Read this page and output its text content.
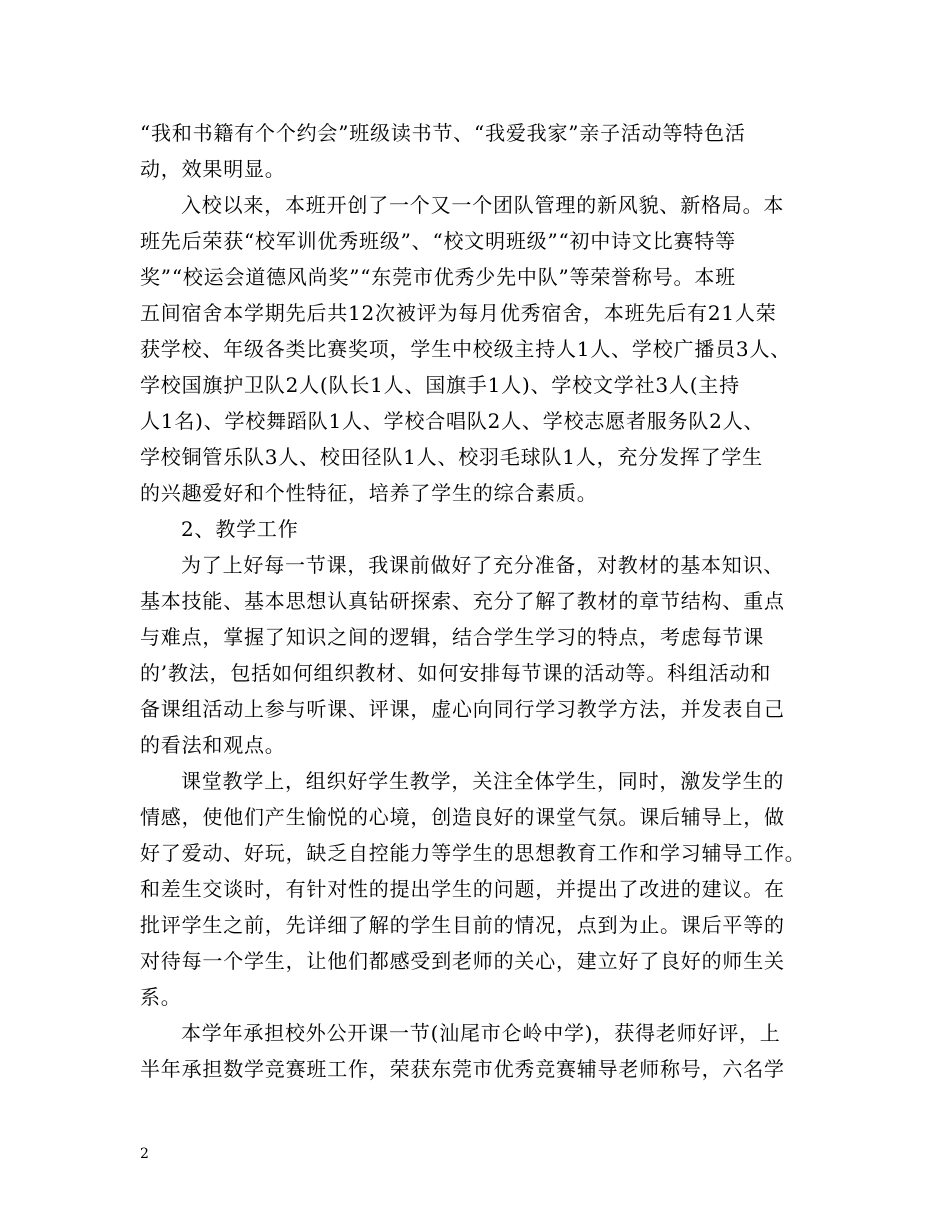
“我和书籍有个个约会”班级读书节、“我爱我家”亲子活动等特色活
动，效果明显。
入校以来，本班开创了一个又一个团队管理的新风貌、新格局。本
班先后荣获“校军训优秀班级”、“校文明班级”“初中诗文比赛特等
奖”“校运会道德风尚奖”“东莞市优秀少先中队”等荣誉称号。本班
五间宿舍本学期先后共12次被评为每月优秀宿舍，本班先后有21人荣
获学校、年级各类比赛奖项，学生中校级主持人1人、学校广播员3人、
学校国旗护卫队2人(队长1人、国旗手1人)、学校文学社3人(主持
人1名)、学校舞蹈队1人、学校合唱队2人、学校志愿者服务队2人、
学校铜管乐队3人、校田径队1人、校羽毛球队1人，充分发挥了学生
的兴趣爱好和个性特征，培养了学生的综合素质。
2、教学工作
为了上好每一节课，我课前做好了充分准备，对教材的基本知识、
基本技能、基本思想认真钻研探索、充分了解了教材的章节结构、重点
与难点，掌握了知识之间的逻辑，结合学生学习的特点，考虑每节课
的’教法，包括如何组织教材、如何安排每节课的活动等。科组活动和
备课组活动上参与听课、评课，虚心向同行学习教学方法，并发表自己
的看法和观点。
课堂教学上，组织好学生教学，关注全体学生，同时，激发学生的
情感，使他们产生愉悦的心境，创造良好的课堂气氛。课后辅导上，做
好了爱动、好玩，缺乏自控能力等学生的思想教育工作和学习辅导工作。
和差生交谈时，有针对性的提出学生的问题，并提出了改进的建议。在
批评学生之前，先详细了解的学生目前的情况，点到为止。课后平等的
对待每一个学生，让他们都感受到老师的关心，建立好了良好的师生关
系。
本学年承担校外公开课一节(汕尾市仑岭中学)，获得老师好评，上
半年承担数学竞赛班工作，荣获东莞市优秀竞赛辅导老师称号，六名学
2
